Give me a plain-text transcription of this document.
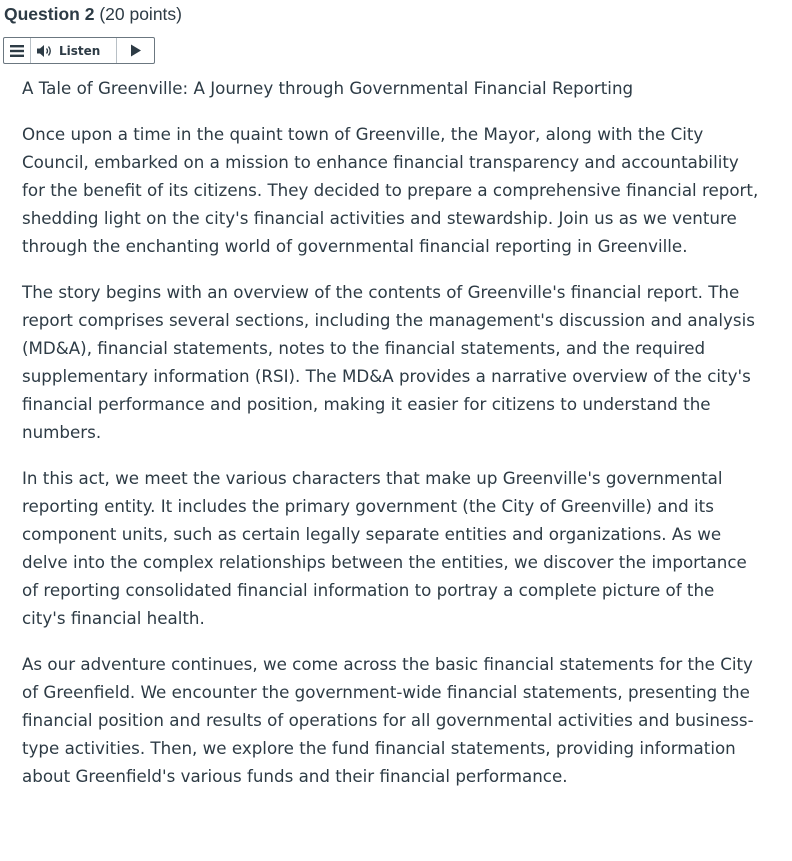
Question 2 (20 points)
Listen

A Tale of Greenville: A Journey through Governmental Financial Reporting

Once upon a time in the quaint town of Greenville, the Mayor, along with the City Council, embarked on a mission to enhance financial transparency and accountability for the benefit of its citizens. They decided to prepare a comprehensive financial report, shedding light on the city's financial activities and stewardship. Join us as we venture through the enchanting world of governmental financial reporting in Greenville.

The story begins with an overview of the contents of Greenville's financial report. The report comprises several sections, including the management's discussion and analysis (MD&A), financial statements, notes to the financial statements, and the required supplementary information (RSI). The MD&A provides a narrative overview of the city's financial performance and position, making it easier for citizens to understand the numbers.

In this act, we meet the various characters that make up Greenville's governmental reporting entity. It includes the primary government (the City of Greenville) and its component units, such as certain legally separate entities and organizations. As we delve into the complex relationships between the entities, we discover the importance of reporting consolidated financial information to portray a complete picture of the city's financial health.

As our adventure continues, we come across the basic financial statements for the City of Greenfield. We encounter the government-wide financial statements, presenting the financial position and results of operations for all governmental activities and business-type activities. Then, we explore the fund financial statements, providing information about Greenfield's various funds and their financial performance.
